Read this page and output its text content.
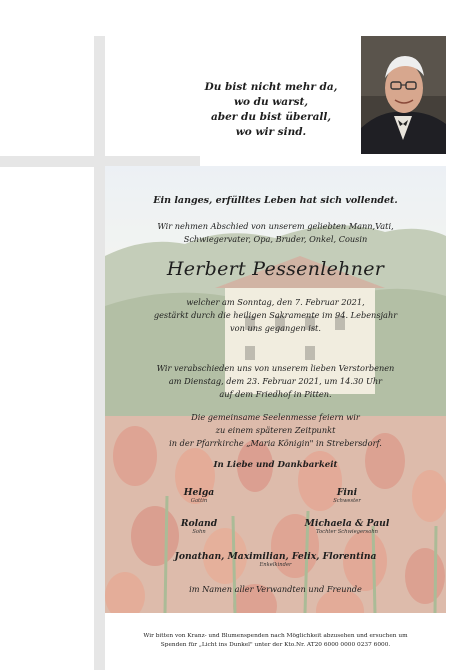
Du bist nicht mehr da,
wo du warst,
aber du bist überall,
wo wir sind.
Ein langes, erfülltes Leben hat sich vollendet.
Wir nehmen Abschied von unserem geliebten Mann,Vati,
Schwiegervater, Opa, Bruder, Onkel, Cousin
Herbert Pessenlehner
welcher am Sonntag, den 7. Februar 2021,
gestärkt durch die heiligen Sakramente im 94. Lebensjahr
von uns gegangen ist.
Wir verabschieden uns von unserem lieben Verstorbenen
am Dienstag, dem 23. Februar 2021, um 14.30 Uhr
auf dem Friedhof in Pitten.
Die gemeinsame Seelenmesse feiern wir
zu einem späteren Zeitpunkt
in der Pfarrkirche „Maria Königin" in Strebersdorf.
In Liebe und Dankbarkeit
Helga
Gattin
Fini
Schwester
Roland
Sohn
Michaela & Paul
Tochter Schwiegersohn
Jonathan, Maximilian, Felix, Florentina
Enkelkinder
im Namen aller Verwandten und Freunde
Wir bitten von Kranz- und Blumenspenden nach Möglichkeit abzusehen und ersuchen um
Spenden für „Licht ins Dunkel" unter der Kto.Nr. AT20 6000 0000 0237 6000.
